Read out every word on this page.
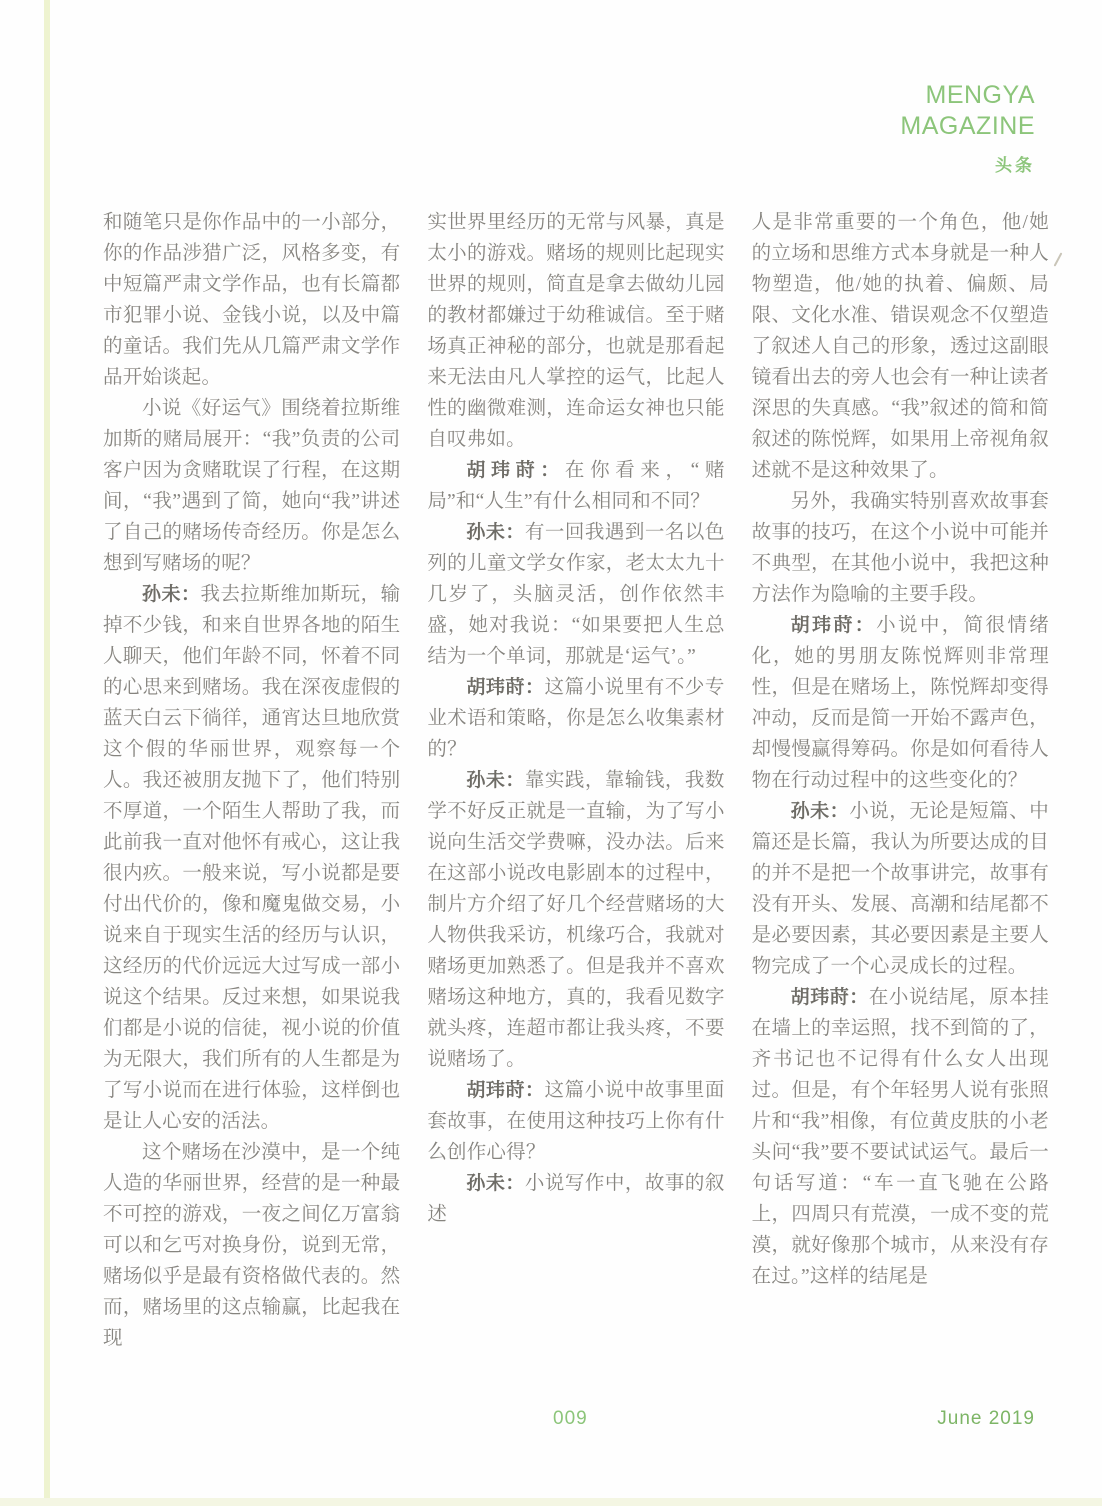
MENGYA
MAGAZINE
头条

和随笔只是你作品中的一小部分，你的作品涉猎广泛，风格多变，有中短篇严肃文学作品，也有长篇都市犯罪小说、金钱小说，以及中篇的童话。我们先从几篇严肃文学作品开始谈起。

小说《好运气》围绕着拉斯维加斯的赌局展开：“我”负责的公司客户因为贪赌耽误了行程，在这期间，“我”遇到了简，她向“我”讲述了自己的赌场传奇经历。你是怎么想到写赌场的呢？

孙未：我去拉斯维加斯玩，输掉不少钱，和来自世界各地的陌生人聊天，他们年龄不同，怀着不同的心思来到赌场。我在深夜虚假的蓝天白云下徜徉，通宵达旦地欣赏这个假的华丽世界，观察每一个人。我还被朋友抛下了，他们特别不厚道，一个陌生人帮助了我，而此前我一直对他怀有戒心，这让我很内疚。一般来说，写小说都是要付出代价的，像和魔鬼做交易，小说来自于现实生活的经历与认识，这经历的代价远远大过写成一部小说这个结果。反过来想，如果说我们都是小说的信徒，视小说的价值为无限大，我们所有的人生都是为了写小说而在进行体验，这样倒也是让人心安的活法。

这个赌场在沙漠中，是一个纯人造的华丽世界，经营的是一种最不可控的游戏，一夜之间亿万富翁可以和乞丐对换身份，说到无常，赌场似乎是最有资格做代表的。然而，赌场里的这点输赢，比起我在现

实世界里经历的无常与风暴，真是太小的游戏。赌场的规则比起现实世界的规则，简直是拿去做幼儿园的教材都嫌过于幼稚诚信。至于赌场真正神秘的部分，也就是那看起来无法由凡人掌控的运气，比起人性的幽微难测，连命运女神也只能自叹弗如。

胡玮莳：在你看来，“赌局”和“人生”有什么相同和不同？

孙未：有一回我遇到一名以色列的儿童文学女作家，老太太九十几岁了，头脑灵活，创作依然丰盛，她对我说：“如果要把人生总结为一个单词，那就是‘运气’。”

胡玮莳：这篇小说里有不少专业术语和策略，你是怎么收集素材的？

孙未：靠实践，靠输钱，我数学不好反正就是一直输，为了写小说向生活交学费嘛，没办法。后来在这部小说改电影剧本的过程中，制片方介绍了好几个经营赌场的大人物供我采访，机缘巧合，我就对赌场更加熟悉了。但是我并不喜欢赌场这种地方，真的，我看见数字就头疼，连超市都让我头疼，不要说赌场了。

胡玮莳：这篇小说中故事里面套故事，在使用这种技巧上你有什么创作心得？

孙未：小说写作中，故事的叙述

人是非常重要的一个角色，他/她的立场和思维方式本身就是一种人物塑造，他/她的执着、偏颇、局限、文化水准、错误观念不仅塑造了叙述人自己的形象，透过这副眼镜看出去的旁人也会有一种让读者深思的失真感。“我”叙述的简和简叙述的陈悦辉，如果用上帝视角叙述就不是这种效果了。

另外，我确实特别喜欢故事套故事的技巧，在这个小说中可能并不典型，在其他小说中，我把这种方法作为隐喻的主要手段。

胡玮莳：小说中，简很情绪化，她的男朋友陈悦辉则非常理性，但是在赌场上，陈悦辉却变得冲动，反而是简一开始不露声色，却慢慢赢得筹码。你是如何看待人物在行动过程中的这些变化的？

孙未：小说，无论是短篇、中篇还是长篇，我认为所要达成的目的并不是把一个故事讲完，故事有没有开头、发展、高潮和结尾都不是必要因素，其必要因素是主要人物完成了一个心灵成长的过程。

胡玮莳：在小说结尾，原本挂在墙上的幸运照，找不到简的了，齐书记也不记得有什么女人出现过。但是，有个年轻男人说有张照片和“我”相像，有位黄皮肤的小老头问“我”要不要试试运气。最后一句话写道：“车一直飞驰在公路上，四周只有荒漠，一成不变的荒漠，就好像那个城市，从来没有存在过。”这样的结尾是

009	June 2019
